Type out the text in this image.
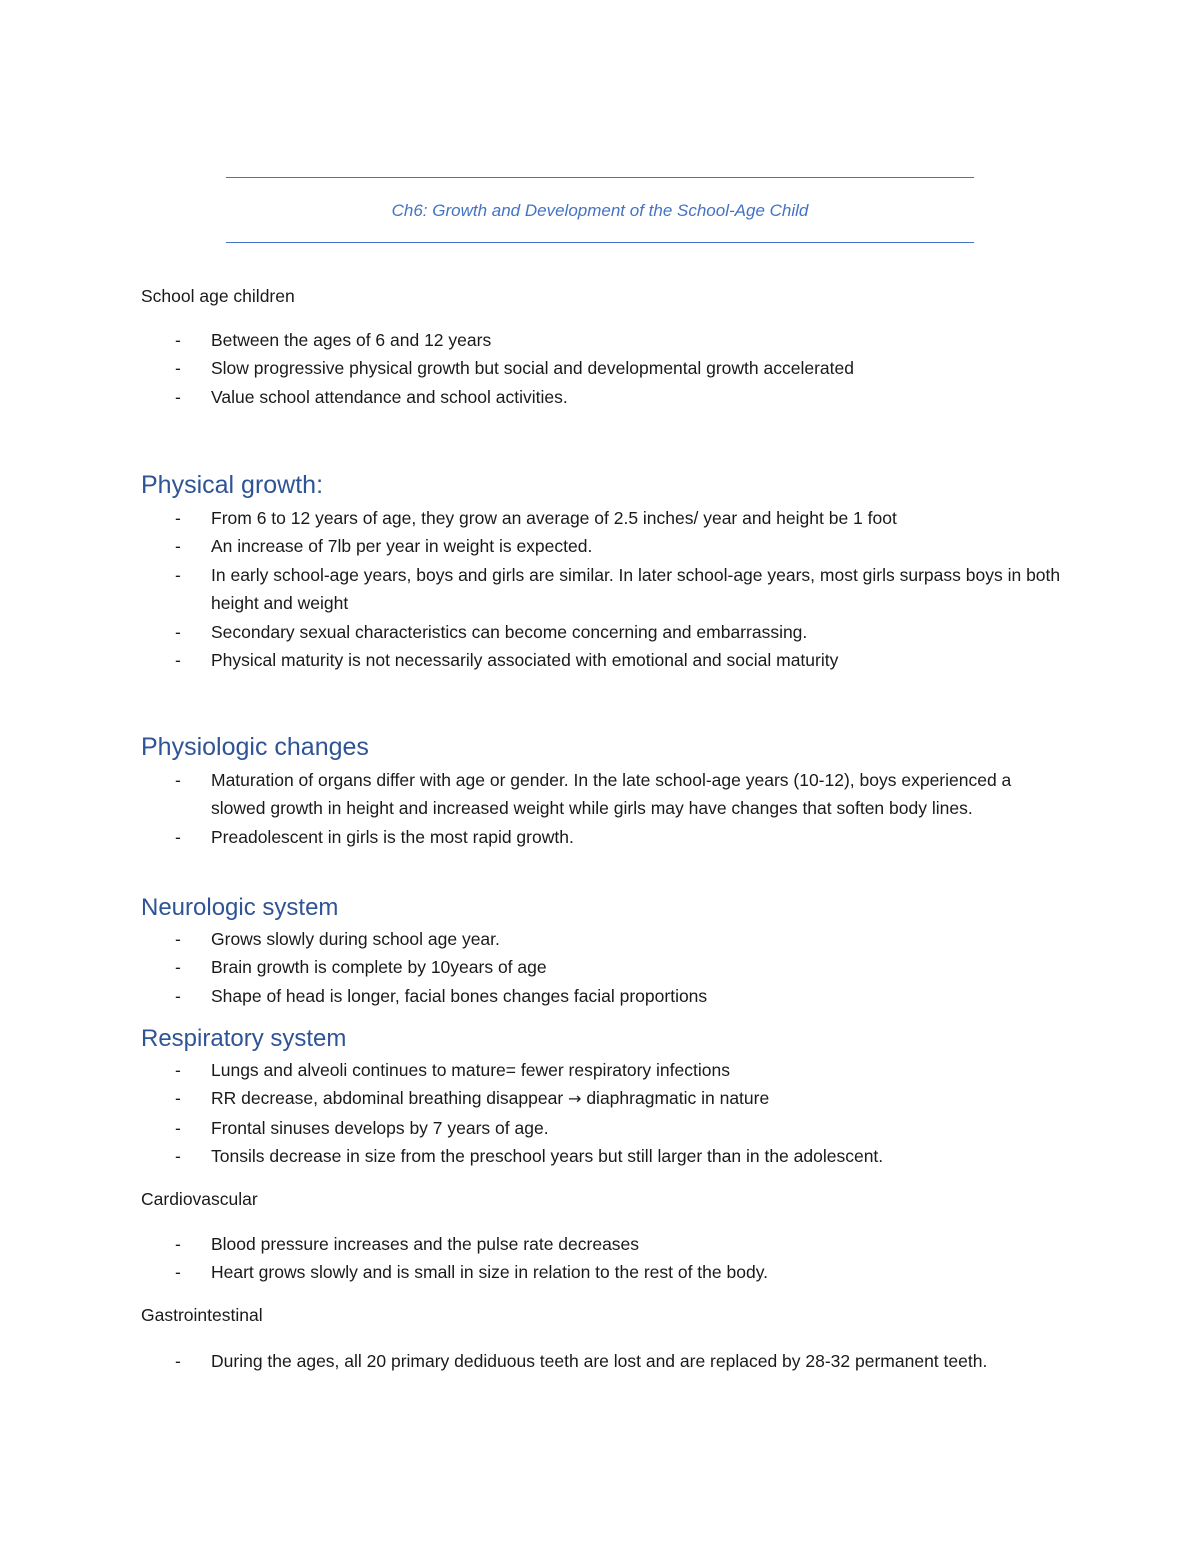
Ch6: Growth and Development of the School-Age Child
School age children
- Between the ages of 6 and 12 years
- Slow progressive physical growth but social and developmental growth accelerated
- Value school attendance and school activities.
Physical growth:
- From 6 to 12 years of age, they grow an average of 2.5 inches/ year and height be 1 foot
- An increase of 7lb per year in weight is expected.
- In early school-age years, boys and girls are similar. In later school-age years, most girls surpass boys in both height and weight
- Secondary sexual characteristics can become concerning and embarrassing.
- Physical maturity is not necessarily associated with emotional and social maturity
Physiologic changes
- Maturation of organs differ with age or gender. In the late school-age years (10-12), boys experienced a slowed growth in height and increased weight while girls may have changes that soften body lines.
- Preadolescent in girls is the most rapid growth.
Neurologic system
- Grows slowly during school age year.
- Brain growth is complete by 10years of age
- Shape of head is longer, facial bones changes facial proportions
Respiratory system
- Lungs and alveoli continues to mature= fewer respiratory infections
- RR decrease, abdominal breathing disappear → diaphragmatic in nature
- Frontal sinuses develops by 7 years of age.
- Tonsils decrease in size from the preschool years but still larger than in the adolescent.
Cardiovascular
- Blood pressure increases and the pulse rate decreases
- Heart grows slowly and is small in size in relation to the rest of the body.
Gastrointestinal
- During the ages, all 20 primary dediduous teeth are lost and are replaced by 28-32 permanent teeth.
